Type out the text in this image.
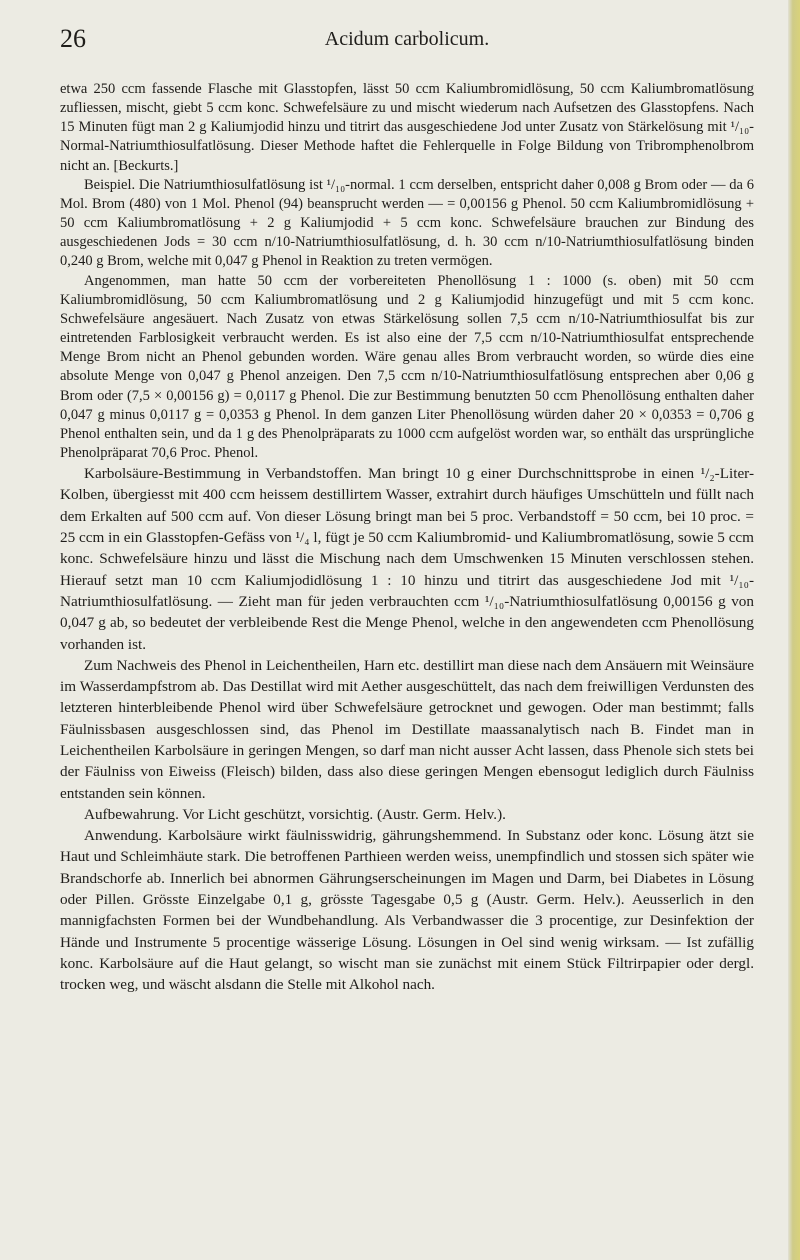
26	Acidum carbolicum.

etwa 250 ccm fassende Flasche mit Glasstopfen, lässt 50 ccm Kaliumbromidlösung, 50 ccm Kaliumbromatlösung zufliessen, mischt, giebt 5 ccm konc. Schwefelsäure zu und mischt wiederum nach Aufsetzen des Glasstopfens. Nach 15 Minuten fügt man 2 g Kaliumjodid hinzu und titrirt das ausgeschiedene Jod unter Zusatz von Stärkelösung mit ¹/₁₀-Normal-Natriumthiosulfatlösung. Dieser Methode haftet die Fehlerquelle in Folge Bildung von Tribromphenolbrom nicht an. [Beckurts.]

Beispiel. Die Natriumthiosulfatlösung ist ¹/₁₀-normal. 1 ccm derselben, entspricht daher 0,008 g Brom oder — da 6 Mol. Brom (480) von 1 Mol. Phenol (94) beansprucht werden — = 0,00156 g Phenol. 50 ccm Kaliumbromidlösung + 50 ccm Kaliumbromatlösung + 2 g Kaliumjodid + 5 ccm konc. Schwefelsäure brauchen zur Bindung des ausgeschiedenen Jods = 30 ccm n/10-Natriumthiosulfatlösung, d. h. 30 ccm n/10-Natriumthiosulfatlösung binden 0,240 g Brom, welche mit 0,047 g Phenol in Reaktion zu treten vermögen.

Angenommen, man hatte 50 ccm der vorbereiteten Phenollösung 1 : 1000 (s. oben) mit 50 ccm Kaliumbromidlösung, 50 ccm Kaliumbromatlösung und 2 g Kaliumjodid hinzugefügt und mit 5 ccm konc. Schwefelsäure angesäuert. Nach Zusatz von etwas Stärkelösung sollen 7,5 ccm n/10-Natriumthiosulfat bis zur eintretenden Farblosigkeit verbraucht werden. Es ist also eine der 7,5 ccm n/10-Natriumthiosulfat entsprechende Menge Brom nicht an Phenol gebunden worden. Wäre genau alles Brom verbraucht worden, so würde dies eine absolute Menge von 0,047 g Phenol anzeigen. Den 7,5 ccm n/10-Natriumthiosulfatlösung entsprechen aber 0,06 g Brom oder (7,5 × 0,00156 g) = 0,0117 g Phenol. Die zur Bestimmung benutzten 50 ccm Phenollösung enthalten daher 0,047 g minus 0,0117 g = 0,0353 g Phenol. In dem ganzen Liter Phenollösung würden daher 20 × 0,0353 = 0,706 g Phenol enthalten sein, und da 1 g des Phenolpräparats zu 1000 ccm aufgelöst worden war, so enthält das ursprüngliche Phenolpräparat 70,6 Proc. Phenol.

Karbolsäure-Bestimmung in Verbandstoffen. Man bringt 10 g einer Durchschnittsprobe in einen ¹/₂-Liter-Kolben, übergiesst mit 400 ccm heissem destillirtem Wasser, extrahirt durch häufiges Umschütteln und füllt nach dem Erkalten auf 500 ccm auf. Von dieser Lösung bringt man bei 5 proc. Verbandstoff = 50 ccm, bei 10 proc. = 25 ccm in ein Glasstopfen-Gefäss von ¹/₄ l, fügt je 50 ccm Kaliumbromid- und Kaliumbromatlösung, sowie 5 ccm konc. Schwefelsäure hinzu und lässt die Mischung nach dem Umschwenken 15 Minuten verschlossen stehen. Hierauf setzt man 10 ccm Kaliumjodidlösung 1 : 10 hinzu und titrirt das ausgeschiedene Jod mit ¹/₁₀-Natriumthiosulfatlösung. — Zieht man für jeden verbrauchten ccm ¹/₁₀-Natriumthiosulfatlösung 0,00156 g von 0,047 g ab, so bedeutet der verbleibende Rest die Menge Phenol, welche in den angewendeten ccm Phenollösung vorhanden ist.

Zum Nachweis des Phenol in Leichentheilen, Harn etc. destillirt man diese nach dem Ansäuern mit Weinsäure im Wasserdampfstrom ab. Das Destillat wird mit Aether ausgeschüttelt, das nach dem freiwilligen Verdunsten des letzteren hinterbleibende Phenol wird über Schwefelsäure getrocknet und gewogen. Oder man bestimmt; falls Fäulnissbasen ausgeschlossen sind, das Phenol im Destillate maassanalytisch nach B. Findet man in Leichentheilen Karbolsäure in geringen Mengen, so darf man nicht ausser Acht lassen, dass Phenole sich stets bei der Fäulniss von Eiweiss (Fleisch) bilden, dass also diese geringen Mengen ebensogut lediglich durch Fäulniss entstanden sein können.

Aufbewahrung. Vor Licht geschützt, vorsichtig. (Austr. Germ. Helv.).

Anwendung. Karbolsäure wirkt fäulnisswidrig, gährungshemmend. In Substanz oder konc. Lösung ätzt sie Haut und Schleimhäute stark. Die betroffenen Parthieen werden weiss, unempfindlich und stossen sich später wie Brandschorfe ab. Innerlich bei abnormen Gährungserscheinungen im Magen und Darm, bei Diabetes in Lösung oder Pillen. Grösste Einzelgabe 0,1 g, grösste Tagesgabe 0,5 g (Austr. Germ. Helv.). Aeusserlich in den mannigfachsten Formen bei der Wundbehandlung. Als Verbandwasser die 3 procentige, zur Desinfektion der Hände und Instrumente 5 procentige wässerige Lösung. Lösungen in Oel sind wenig wirksam. — Ist zufällig konc. Karbolsäure auf die Haut gelangt, so wischt man sie zunächst mit einem Stück Filtrirpapier oder dergl. trocken weg, und wäscht alsdann die Stelle mit Alkohol nach.
